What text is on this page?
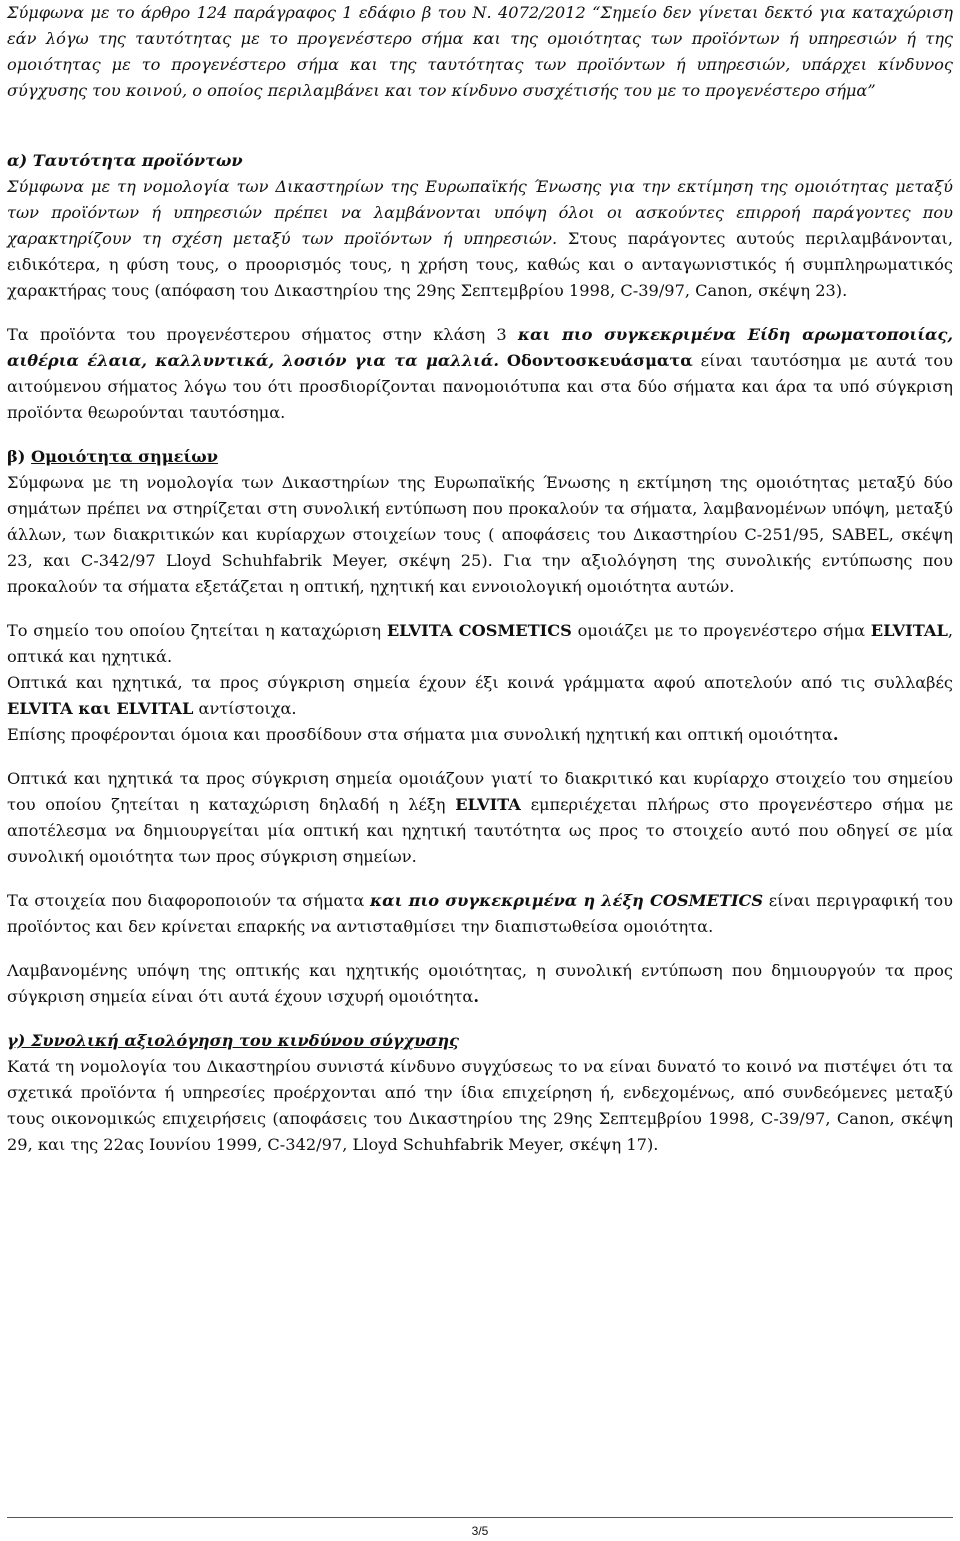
Σύμφωνα με το άρθρο 124 παράγραφος 1 εδάφιο β του Ν. 4072/2012 “Σημείο δεν γίνεται δεκτό για καταχώριση εάν λόγω της ταυτότητας με το προγενέστερο σήμα και της ομοιότητας των προϊόντων ή υπηρεσιών ή της ομοιότητας με το προγενέστερο σήμα και της ταυτότητας των προϊόντων ή υπηρεσιών, υπάρχει κίνδυνος σύγχυσης του κοινού, ο οποίος περιλαμβάνει και τον κίνδυνο συσχέτισής του με το προγενέστερο σήμα”

α) Ταυτότητα προϊόντων

Σύμφωνα με τη νομολογία των Δικαστηρίων της Ευρωπαϊκής Ένωσης για την εκτίμηση της ομοιότητας μεταξύ των προϊόντων ή υπηρεσιών πρέπει να λαμβάνονται υπόψη όλοι οι ασκούντες επιρροή παράγοντες που χαρακτηρίζουν τη σχέση μεταξύ των προϊόντων ή υπηρεσιών. Στους παράγοντες αυτούς περιλαμβάνονται, ειδικότερα, η φύση τους, ο προορισμός τους, η χρήση τους, καθώς και ο ανταγωνιστικός ή συμπληρωματικός χαρακτήρας τους (απόφαση του Δικαστηρίου της 29ης Σεπτεμβρίου 1998, C-39/97, Canon, σκέψη 23).

Τα προϊόντα του προγενέστερου σήματος στην κλάση 3 και πιο συγκεκριμένα Είδη αρωματοποιίας, αιθέρια έλαια, καλλυντικά, λοσιόν για τα μαλλιά. Οδοντοσκευάσματα είναι ταυτόσημα με αυτά του αιτούμενου σήματος λόγω του ότι προσδιορίζονται πανομοιότυπα και στα δύο σήματα και άρα τα υπό σύγκριση προϊόντα θεωρούνται ταυτόσημα.

β) Ομοιότητα σημείων

Σύμφωνα με τη νομολογία των Δικαστηρίων της Ευρωπαϊκής Ένωσης η εκτίμηση της ομοιότητας μεταξύ δύο σημάτων πρέπει να στηρίζεται στη συνολική εντύπωση που προκαλούν τα σήματα, λαμβανομένων υπόψη, μεταξύ άλλων, των διακριτικών και κυρίαρχων στοιχείων τους ( αποφάσεις του Δικαστηρίου C-251/95, SABEL, σκέψη 23, και C-342/97 Lloyd Schuhfabrik Meyer, σκέψη 25). Για την αξιολόγηση της συνολικής εντύπωσης που προκαλούν τα σήματα εξετάζεται η οπτική, ηχητική και εννοιολογική ομοιότητα αυτών.

Το σημείο του οποίου ζητείται η καταχώριση ELVITA COSMETICS ομοιάζει με το προγενέστερο σήμα ELVITAL, οπτικά και ηχητικά.

Οπτικά και ηχητικά, τα προς σύγκριση σημεία έχουν έξι κοινά γράμματα αφού αποτελούν από τις συλλαβές ELVITA και ELVITAL αντίστοιχα.

Επίσης προφέρονται όμοια και προσδίδουν στα σήματα μια συνολική ηχητική και οπτική ομοιότητα.

Οπτικά και ηχητικά τα προς σύγκριση σημεία ομοιάζουν γιατί το διακριτικό και κυρίαρχο στοιχείο του σημείου του οποίου ζητείται η καταχώριση δηλαδή η λέξη ELVITA εμπεριέχεται πλήρως στο προγενέστερο σήμα με αποτέλεσμα να δημιουργείται μία οπτική και ηχητική ταυτότητα ως προς το στοιχείο αυτό που οδηγεί σε μία συνολική ομοιότητα των προς σύγκριση σημείων.

Τα στοιχεία που διαφοροποιούν τα σήματα και πιο συγκεκριμένα η λέξη COSMETICS είναι περιγραφική του προϊόντος και δεν κρίνεται επαρκής να αντισταθμίσει την διαπιστωθείσα ομοιότητα.

Λαμβανομένης υπόψη της οπτικής και ηχητικής ομοιότητας, η συνολική εντύπωση που δημιουργούν τα προς σύγκριση σημεία είναι ότι αυτά έχουν ισχυρή ομοιότητα.

γ) Συνολική αξιολόγηση του κινδύνου σύγχυσης

Κατά τη νομολογία του Δικαστηρίου συνιστά κίνδυνο συγχύσεως το να είναι δυνατό το κοινό να πιστέψει ότι τα σχετικά προϊόντα ή υπηρεσίες προέρχονται από την ίδια επιχείρηση ή, ενδεχομένως, από συνδεόμενες μεταξύ τους οικονομικώς επιχειρήσεις (αποφάσεις του Δικαστηρίου της 29ης Σεπτεμβρίου 1998, C-39/97, Canon, σκέψη 29, και της 22ας Ιουνίου 1999, C-342/97, Lloyd Schuhfabrik Meyer, σκέψη 17).

3/5
